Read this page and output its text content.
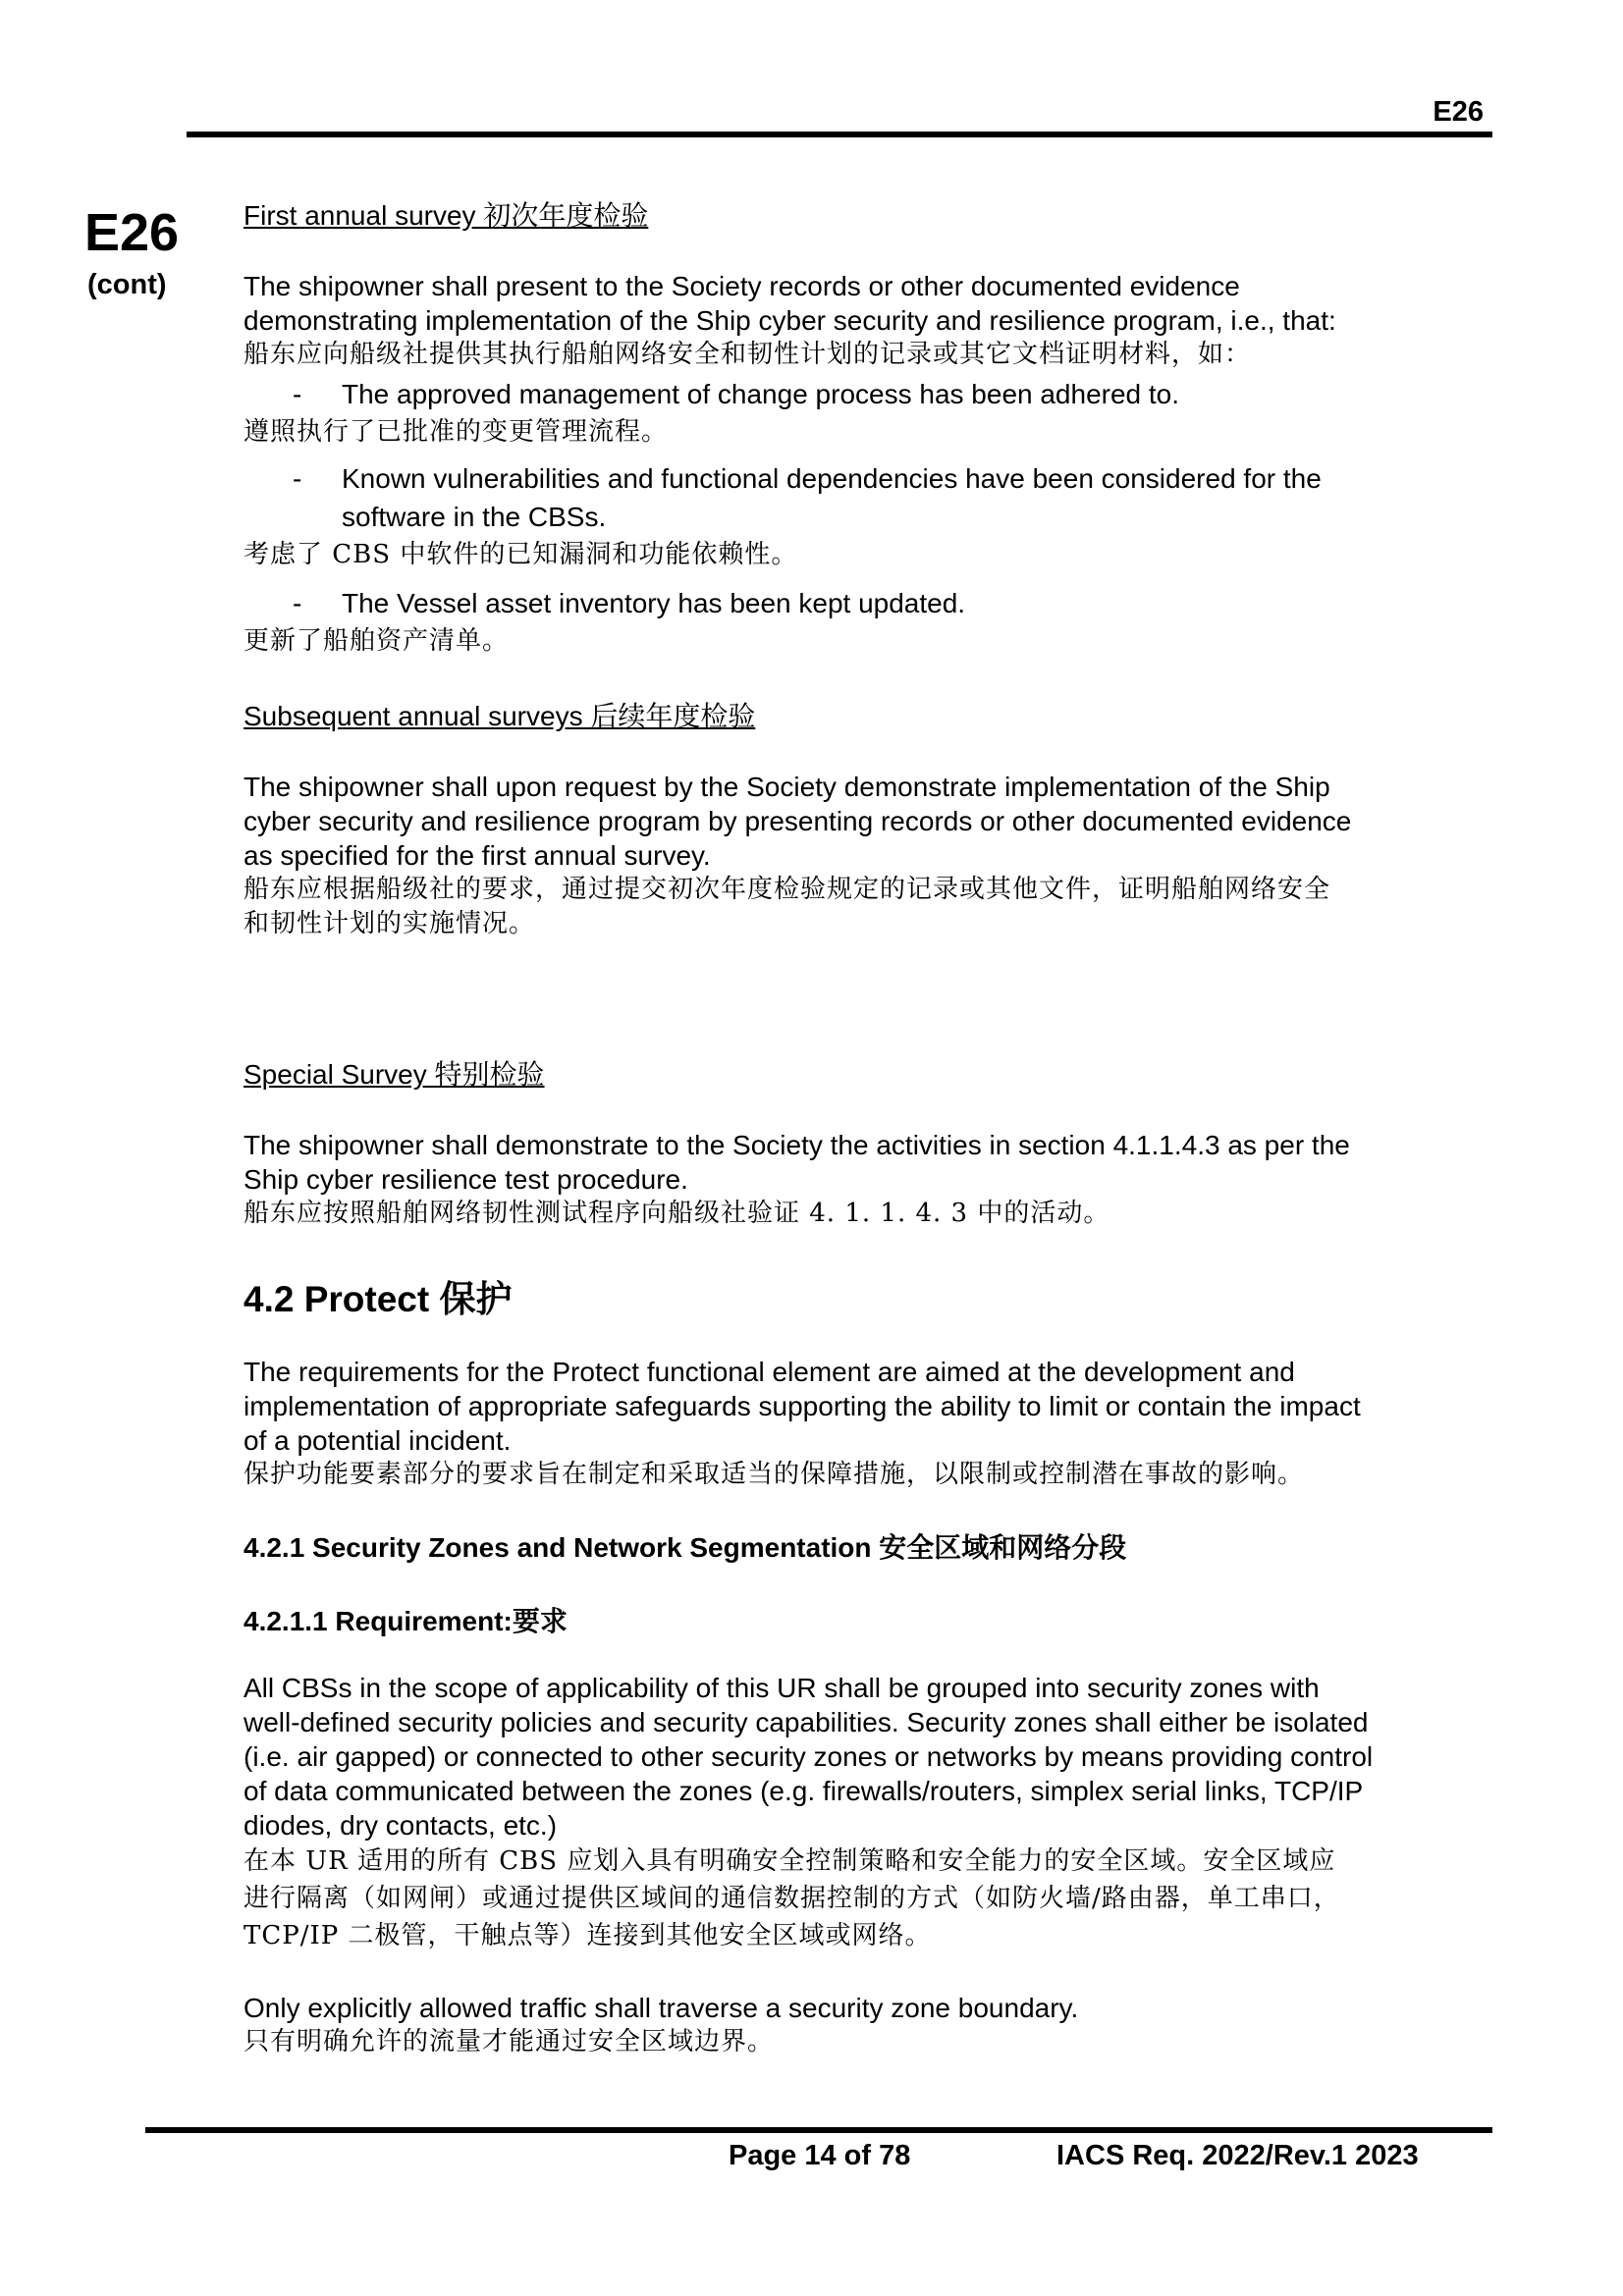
E26
E26
(cont)
First annual survey 初次年度检验
The shipowner shall present to the Society records or other documented evidence
demonstrating implementation of the Ship cyber security and resilience program, i.e., that:
船东应向船级社提供其执行船舶网络安全和韧性计划的记录或其它文档证明材料，如：
- The approved management of change process has been adhered to.
遵照执行了已批准的变更管理流程。
- Known vulnerabilities and functional dependencies have been considered for the
software in the CBSs.
考虑了 CBS 中软件的已知漏洞和功能依赖性。
- The Vessel asset inventory has been kept updated.
更新了船舶资产清单。
Subsequent annual surveys 后续年度检验
The shipowner shall upon request by the Society demonstrate implementation of the Ship
cyber security and resilience program by presenting records or other documented evidence
as specified for the first annual survey.
船东应根据船级社的要求，通过提交初次年度检验规定的记录或其他文件，证明船舶网络安全
和韧性计划的实施情况。
Special Survey 特别检验
The shipowner shall demonstrate to the Society the activities in section 4.1.1.4.3 as per the
Ship cyber resilience test procedure.
船东应按照船舶网络韧性测试程序向船级社验证 4. 1. 1. 4. 3 中的活动。
4.2 Protect 保护
The requirements for the Protect functional element are aimed at the development and
implementation of appropriate safeguards supporting the ability to limit or contain the impact
of a potential incident.
保护功能要素部分的要求旨在制定和采取适当的保障措施，以限制或控制潜在事故的影响。
4.2.1 Security Zones and Network Segmentation 安全区域和网络分段
4.2.1.1 Requirement:要求
All CBSs in the scope of applicability of this UR shall be grouped into security zones with
well-defined security policies and security capabilities. Security zones shall either be isolated
(i.e. air gapped) or connected to other security zones or networks by means providing control
of data communicated between the zones (e.g. firewalls/routers, simplex serial links, TCP/IP
diodes, dry contacts, etc.)
在本 UR 适用的所有 CBS 应划入具有明确安全控制策略和安全能力的安全区域。安全区域应
进行隔离（如网闸）或通过提供区域间的通信数据控制的方式（如防火墙/路由器，单工串口，
TCP/IP 二极管，干触点等）连接到其他安全区域或网络。
Only explicitly allowed traffic shall traverse a security zone boundary.
只有明确允许的流量才能通过安全区域边界。
Page 14 of 78	IACS Req. 2022/Rev.1 2023
